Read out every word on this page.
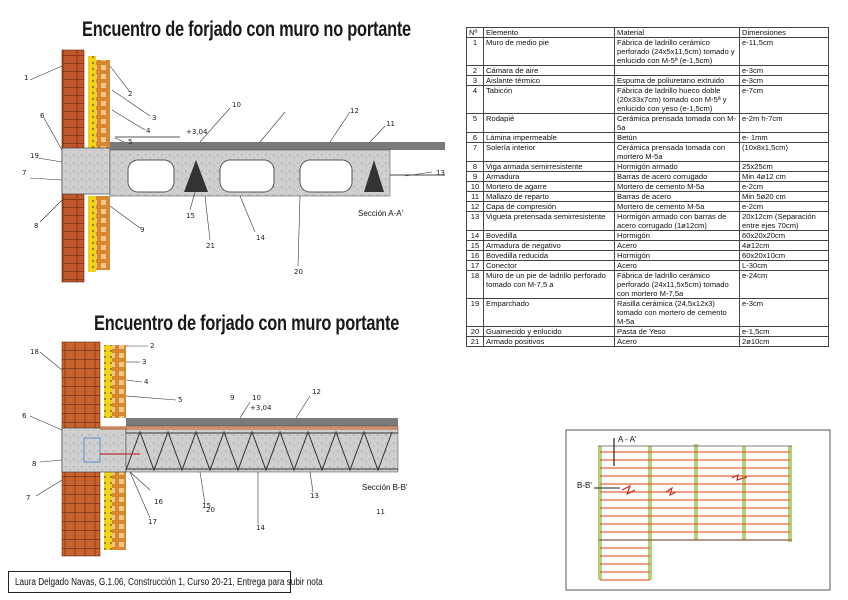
Encuentro de forjado con muro no portante
Encuentro de forjado con muro portante
1
2
3
4
5
6
7
8	9
10
11
12
13
14
15
19
20
21
+3,04
Sección A-A'
18
2
3
4
5
6
7
8
9	10
11
12
13
14
15
16
17
20
+3,04
Sección B-B'
A - A'
B-B'
Nº	Elemento	Material	Dimensiones
1	Muro de medio pie	Fábrica de ladrillo cerámico perforado (24x5x11,5cm) tomado y enlucido con M-5ª (e-1,5cm)	e-11,5cm
2	Cámara de aire		e-3cm
3	Aislante térmico	Espuma de poliuretano extruido	e-3cm
4	Tabicón	Fábrica de ladrillo hueco doble (20x33x7cm) tomado con M-5ª y enlucido con yeso (e-1,5cm)	e-7cm
5	Rodapié	Cerámica prensada tomada con M-5a	e-2m h-7cm
6	Lámina impermeable	Betún	e- 1mm
7	Solería interior	Cerámica prensada tomada con mortero M-5a	(10x8x1,5cm)
8	Viga armada semirresistente	Hormigón armado	25x25cm
9	Armadura	Barras de acero corrugado	Min 4ø12 cm
10	Mortero de agarre	Mortero de cemento M-5a	e-2cm
11	Mallazo de reparto	Barras de acero	Min 5ø20 cm
12	Capa de compresión	Mortero de cemento M-5a	e-2cm
13	Vigueta pretensada semirresistente	Hormigón armado con barras de acero corrugado (1ø12cm)	20x12cm (Separación entre ejes 70cm)
14	Bovedilla	Hormigón	60x20x20cm
15	Armadura de negativo	Acero	4ø12cm
16	Bovedilla reducida	Hormigón	60x20x10cm
17	Conector	Acero	L-30cm
18	Muro de un pie de ladrillo perforado tomado con M-7,5 a	Fábrica de ladrillo cerámico perforado (24x11,5x5cm) tomado con mortero M-7,5a	e-24cm
19	Emparchado	Rasilla cerámica (24,5x12x3) tomado con mortero de cemento M-5a	e-3cm
20	Guarnecido y enlucido	Pasta de Yeso	e-1,5cm
21	Armado positivos	Acero	2ø10cm
Laura Delgado Navas, G.1.06, Construcción 1, Curso 20-21, Entrega para subir nota
